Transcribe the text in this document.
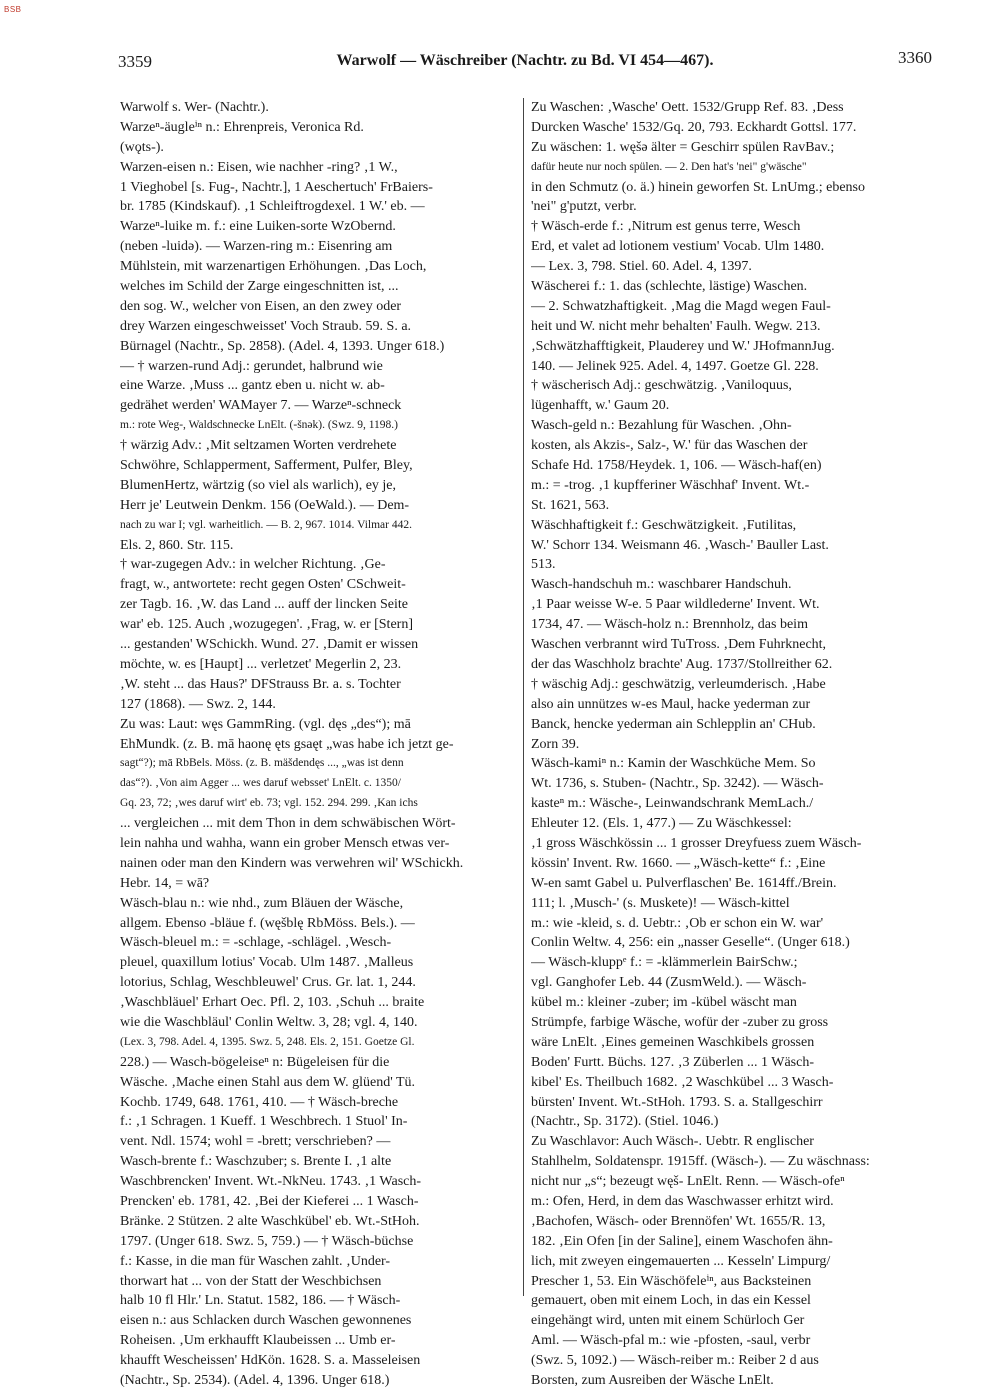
BSB
3359	Warwolf — Wäschreiber (Nachtr. zu Bd. VI 454—467).	3360
Warwolf s. Wer- (Nachtr.).
Warzeⁿ-äugleⁱⁿ n.: Ehrenpreis, Veronica Rd.
(wǫts-).
Warzen-eisen n.: Eisen, wie nachher -ring? ‚1 W.,
1 Vieghobel [s. Fug-, Nachtr.], 1 Aeschertuch' FrBaiers-
br. 1785 (Kindskauf). ‚1 Schleiftrogdexel. 1 W.' eb. —
Warzeⁿ-luike m. f.: eine Luiken-sorte WzObernd.
(neben -luidə). — Warzen-ring m.: Eisenring am
Mühlstein, mit warzenartigen Erhöhungen. ‚Das Loch,
welches im Schild der Zarge eingeschnitten ist, ...
den sog. W., welcher von Eisen, an den zwey oder
drey Warzen eingeschweisset' Voch Straub. 59. S. a.
Bürnagel (Nachtr., Sp. 2858). (Adel. 4, 1393. Unger 618.)
— † warzen-rund Adj.: gerundet, halbrund wie
eine Warze. ‚Muss ... gantz eben u. nicht w. ab-
gedrähet werden' WAMayer 7. — Warzeⁿ-schneck
m.: rote Weg-, Waldschnecke LnElt. (-šnək). (Swz. 9, 1198.)
† wärzig Adv.: ‚Mit seltzamen Worten verdrehete
Schwöhre, Schlapperment, Safferment, Pulfer, Bley,
BlumenHertz, wärtzig (so viel als warlich), ey je,
Herr je' Leutwein Denkm. 156 (OeWald.). — Dem-
nach zu war I; vgl. warheitlich. — B. 2, 967. 1014. Vilmar 442.
Els. 2, 860. Str. 115.
† war-zugegen Adv.: in welcher Richtung. ‚Ge-
fragt, w., antwortete: recht gegen Osten' CSchweit-
zer Tagb. 16. ‚W. das Land ... auff der lincken Seite
war' eb. 125. Auch ‚wozugegen'. ‚Frag, w. er [Stern]
... gestanden' WSchickh. Wund. 27. ‚Damit er wissen
möchte, w. es [Haupt] ... verletzet' Megerlin 2, 23.
‚W. steht ... das Haus?' DFStrauss Br. a. s. Tochter
127 (1868). — Swz. 2, 144.
Zu was: Laut: węs GammRing. (vgl. dęs „des“); mā
EhMundk. (z. B. mā haonę ęts gsaęt „was habe ich jetzt ge-
sagt“?); mā RbBels. Möss. (z. B. mäšdendęs ..., „was ist denn
das“?). ‚Von aim Agger ... wes daruf websset' LnElt. c. 1350/
Gq. 23, 72; ‚wes daruf wirt' eb. 73; vgl. 152. 294. 299. ‚Kan ichs
... vergleichen ... mit dem Thon in dem schwäbischen Wört-
lein nahha und wahha, wann ein grober Mensch etwas ver-
nainen oder man den Kindern was verwehren wil' WSchickh.
Hebr. 14, = wā?
Wäsch-blau n.: wie nhd., zum Bläuen der Wäsche,
allgem. Ebenso -bläue f. (węšblę RbMöss. Bels.). —
Wäsch-bleuel m.: = -schlage, -schlägel. ‚Wesch-
pleuel, quaxillum lotius' Vocab. Ulm 1487. ‚Malleus
lotorius, Schlag, Weschbleuwel' Crus. Gr. lat. 1, 244.
‚Waschbläuel' Erhart Oec. Pfl. 2, 103. ‚Schuh ... braite
wie die Waschbläul' Conlin Weltw. 3, 28; vgl. 4, 140.
(Lex. 3, 798. Adel. 4, 1395. Swz. 5, 248. Els. 2, 151. Goetze Gl.
228.) — Wasch-bögeleiseⁿ n: Bügeleisen für die
Wäsche. ‚Mache einen Stahl aus dem W. glüend' Tü.
Kochb. 1749, 648. 1761, 410. — † Wäsch-breche
f.: ‚1 Schragen. 1 Kueff. 1 Weschbrech. 1 Stuol' In-
vent. Ndl. 1574; wohl = -brett; verschrieben? —
Wasch-brente f.: Waschzuber; s. Brente I. ‚1 alte
Waschbrencken' Invent. Wt.-NkNeu. 1743. ‚1 Wasch-
Prencken' eb. 1781, 42. ‚Bei der Kieferei ... 1 Wasch-
Bränke. 2 Stützen. 2 alte Waschkübel' eb. Wt.-StHoh.
1797. (Unger 618. Swz. 5, 759.) — † Wäsch-büchse
f.: Kasse, in die man für Waschen zahlt. ‚Under-
thorwart hat ... von der Statt der Weschbichsen
halb 10 fl Hlr.' Ln. Statut. 1582, 186. — † Wäsch-
eisen n.: aus Schlacken durch Waschen gewonnenes
Roheisen. ‚Um erkhaufft Klaubeissen ... Umb er-
khaufft Wescheissen' HdKön. 1628. S. a. Masseleisen
(Nachtr., Sp. 2534). (Adel. 4, 1396. Unger 618.)
Zu Waschen: ‚Wasche' Oett. 1532/Grupp Ref. 83. ‚Dess
Durcken Wasche' 1532/Gq. 20, 793. Eckhardt Gottsl. 177.
Zu wäschen: 1. węšə älter = Geschirr spülen RavBav.;
dafür heute nur noch spülen. — 2. Den hat's 'nei" g'wäsche"
in den Schmutz (o. ä.) hinein geworfen St. LnUmg.; ebenso
'nei" g'putzt, verbr.
† Wäsch-erde f.: ‚Nitrum est genus terre, Wesch
Erd, et valet ad lotionem vestium' Vocab. Ulm 1480.
— Lex. 3, 798. Stiel. 60. Adel. 4, 1397.
Wäscherei f.: 1. das (schlechte, lästige) Waschen.
— 2. Schwatzhaftigkeit. ‚Mag die Magd wegen Faul-
heit und W. nicht mehr behalten' Faulh. Wegw. 213.
‚Schwätzhafftigkeit, Plauderey und W.' JHofmannJug.
140. — Jelinek 925. Adel. 4, 1497. Goetze Gl. 228.
† wäscherisch Adj.: geschwätzig. ‚Vaniloquus,
lügenhafft, w.' Gaum 20.
Wasch-geld n.: Bezahlung für Waschen. ‚Ohn-
kosten, als Akzis-, Salz-, W.' für das Waschen der
Schafe Hd. 1758/Heydek. 1, 106. — Wäsch-haf(en)
m.: = -trog. ‚1 kupfferiner Wäschhaf' Invent. Wt.-
St. 1621, 563.
Wäschhaftigkeit f.: Geschwätzigkeit. ‚Futilitas,
W.' Schorr 134. Weismann 46. ‚Wasch-' Bauller Last.
513.
Wasch-handschuh m.: waschbarer Handschuh.
‚1 Paar weisse W-e. 5 Paar wildlederne' Invent. Wt.
1734, 47. — Wäsch-holz n.: Brennholz, das beim
Waschen verbrannt wird TuTross. ‚Dem Fuhrknecht,
der das Waschholz brachte' Aug. 1737/Stollreither 62.
† wäschig Adj.: geschwätzig, verleumderisch. ‚Habe
also ain unnützes w-es Maul, hacke yederman zur
Banck, hencke yederman ain Schlepplin an' CHub.
Zorn 39.
Wäsch-kamiⁿ n.: Kamin der Waschküche Mem. So
Wt. 1736, s. Stuben- (Nachtr., Sp. 3242). — Wäsch-
kasteⁿ m.: Wäsche-, Leinwandschrank MemLach./
Ehleuter 12. (Els. 1, 477.) — Zu Wäschkessel:
‚1 gross Wäschkössin ... 1 grosser Dreyfuess zuem Wäsch-
kössin' Invent. Rw. 1660. — „Wäsch-kette“ f.: ‚Eine
W-en samt Gabel u. Pulverflaschen' Be. 1614ff./Brein.
111; l. ‚Musch-' (s. Muskete)! — Wäsch-kittel
m.: wie -kleid, s. d. Uebtr.: ‚Ob er schon ein W. war'
Conlin Weltw. 4, 256: ein „nasser Geselle“. (Unger 618.)
— Wäsch-kluppᵉ f.: = -klämmerlein BairSchw.;
vgl. Ganghofer Leb. 44 (ZusmWeld.). — Wäsch-
kübel m.: kleiner -zuber; im -kübel wäscht man
Strümpfe, farbige Wäsche, wofür der -zuber zu gross
wäre LnElt. ‚Eines gemeinen Waschkibels grossen
Boden' Furtt. Büchs. 127. ‚3 Züberlen ... 1 Wäsch-
kibel' Es. Theilbuch 1682. ‚2 Waschkübel ... 3 Wasch-
bürsten' Invent. Wt.-StHoh. 1793. S. a. Stallgeschirr
(Nachtr., Sp. 3172). (Stiel. 1046.)
Zu Waschlavor: Auch Wäsch-. Uebtr. R englischer
Stahlhelm, Soldatenspr. 1915ff. (Wäsch-). — Zu wäschnass:
nicht nur „s“; bezeugt węš- LnElt. Renn. — Wäsch-ofeⁿ
m.: Ofen, Herd, in dem das Waschwasser erhitzt wird.
‚Bachofen, Wäsch- oder Brennöfen' Wt. 1655/R. 13,
182. ‚Ein Ofen [in der Saline], einem Waschofen ähn-
lich, mit zweyen eingemauerten ... Kesseln' Limpurg/
Prescher 1, 53. Ein Wäschöfeleⁱⁿ, aus Backsteinen
gemauert, oben mit einem Loch, in das ein Kessel
eingehängt wird, unten mit einem Schürloch Ger
Aml. — Wäsch-pfal m.: wie -pfosten, -saul, verbr
(Swz. 5, 1092.) — Wäsch-reiber m.: Reiber 2 d aus
Borsten, zum Ausreiben der Wäsche LnElt.
